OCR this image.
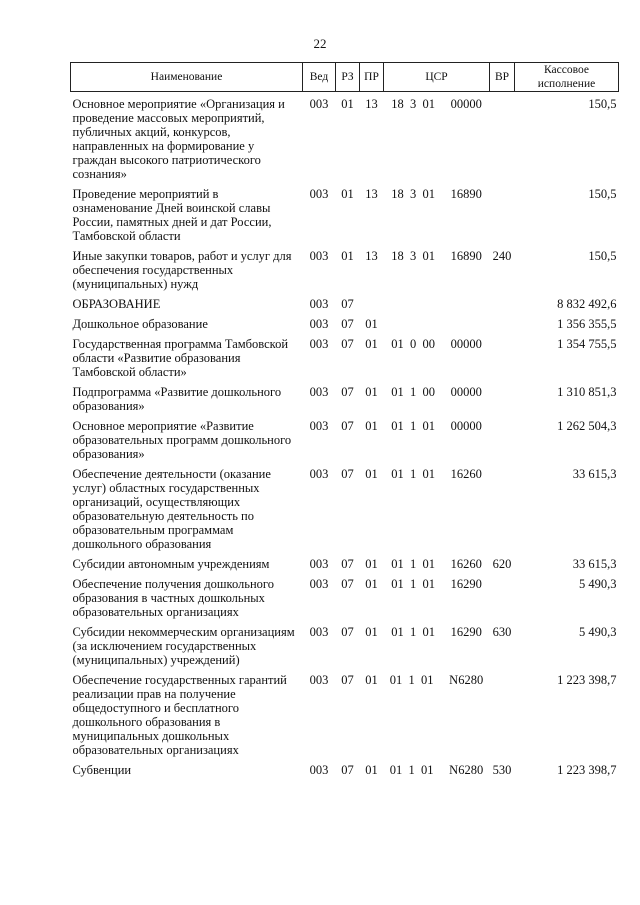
22
Наименование	Вед	РЗ	ПР	ЦСР	ВР	Кассовое исполнение
Основное мероприятие «Организация и проведение массовых мероприятий, публичных акций, конкурсов, направленных на формирование у граждан высокого патриотического сознания»	003	01	13	18  3  01     00000		150,5
Проведение мероприятий в ознаменование Дней воинской славы России, памятных дней и дат России, Тамбовской области	003	01	13	18  3  01     16890		150,5
Иные закупки товаров, работ и услуг для обеспечения государственных (муниципальных) нужд	003	01	13	18  3  01     16890	240	150,5
ОБРАЗОВАНИЕ	003	07				8 832 492,6
Дошкольное образование	003	07	01			1 356 355,5
Государственная программа Тамбовской области «Развитие образования Тамбовской области»	003	07	01	01  0  00     00000		1 354 755,5
Подпрограмма «Развитие дошкольного образования»	003	07	01	01  1  00     00000		1 310 851,3
Основное мероприятие «Развитие образовательных программ дошкольного образования»	003	07	01	01  1  01     00000		1 262 504,3
Обеспечение деятельности (оказание услуг) областных государственных организаций, осуществляющих образовательную деятельность по образовательным программам дошкольного образования	003	07	01	01  1  01     16260		33 615,3
Субсидии автономным учреждениям	003	07	01	01  1  01     16260	620	33 615,3
Обеспечение получения дошкольного образования в частных дошкольных образовательных организациях	003	07	01	01  1  01     16290		5 490,3
Субсидии некоммерческим организациям (за исключением государственных (муниципальных) учреждений)	003	07	01	01  1  01     16290	630	5 490,3
Обеспечение государственных гарантий реализации прав на получение общедоступного и бесплатного дошкольного образования в муниципальных дошкольных образовательных организациях	003	07	01	01  1  01     N6280		1 223 398,7
Субвенции	003	07	01	01  1  01     N6280	530	1 223 398,7
